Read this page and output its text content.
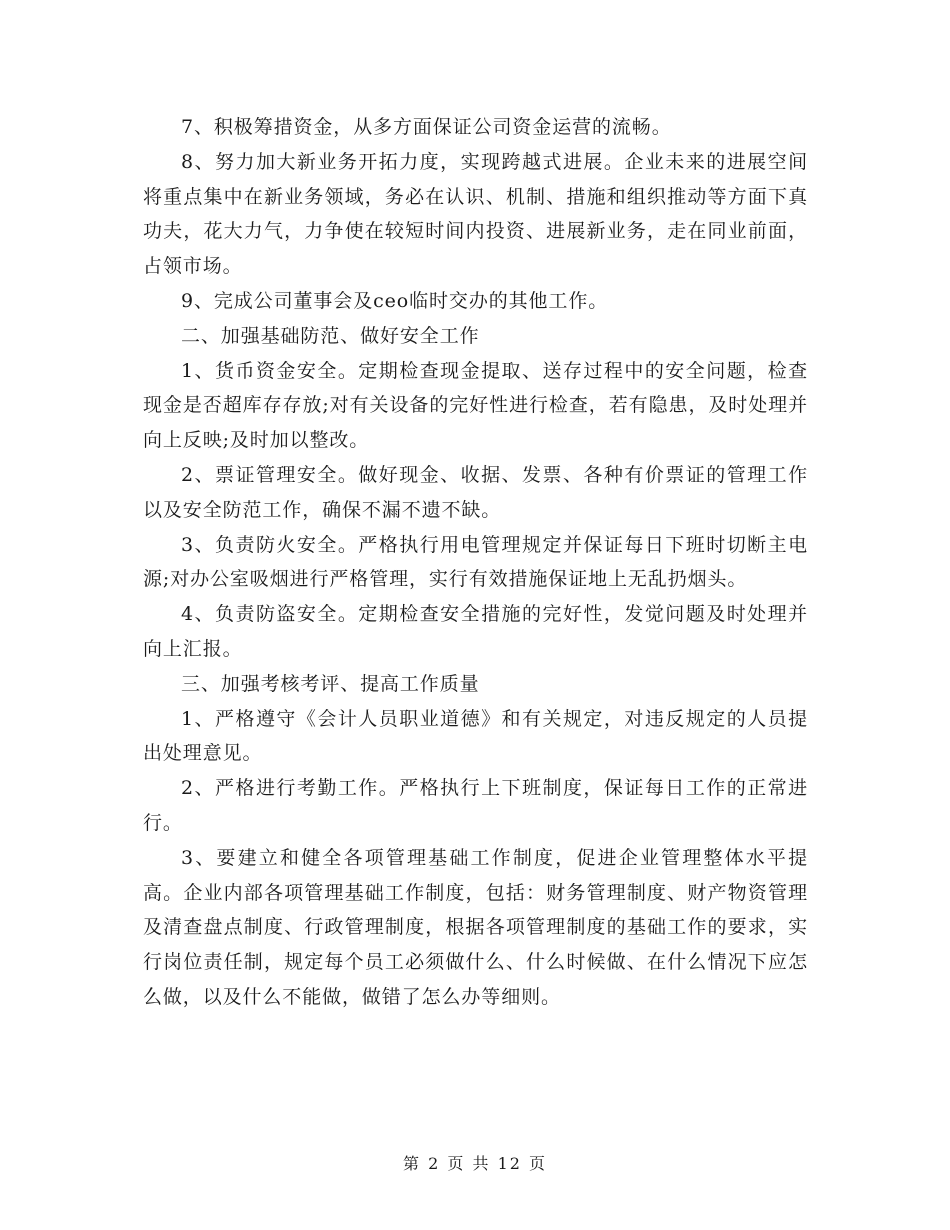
7、积极筹措资金，从多方面保证公司资金运营的流畅。

8、努力加大新业务开拓力度，实现跨越式进展。企业未来的进展空间将重点集中在新业务领域，务必在认识、机制、措施和组织推动等方面下真功夫，花大力气，力争使在较短时间内投资、进展新业务，走在同业前面，占领市场。

9、完成公司董事会及ceo临时交办的其他工作。

二、加强基础防范、做好安全工作

1、货币资金安全。定期检查现金提取、送存过程中的安全问题，检查现金是否超库存存放;对有关设备的完好性进行检查，若有隐患，及时处理并向上反映;及时加以整改。

2、票证管理安全。做好现金、收据、发票、各种有价票证的管理工作以及安全防范工作，确保不漏不遗不缺。

3、负责防火安全。严格执行用电管理规定并保证每日下班时切断主电源;对办公室吸烟进行严格管理，实行有效措施保证地上无乱扔烟头。

4、负责防盗安全。定期检查安全措施的完好性，发觉问题及时处理并向上汇报。

三、加强考核考评、提高工作质量

1、严格遵守《会计人员职业道德》和有关规定，对违反规定的人员提出处理意见。

2、严格进行考勤工作。严格执行上下班制度，保证每日工作的正常进行。

3、要建立和健全各项管理基础工作制度，促进企业管理整体水平提高。企业内部各项管理基础工作制度，包括：财务管理制度、财产物资管理及清查盘点制度、行政管理制度，根据各项管理制度的基础工作的要求，实行岗位责任制，规定每个员工必须做什么、什么时候做、在什么情况下应怎么做，以及什么不能做，做错了怎么办等细则。

第 2 页 共 12 页
